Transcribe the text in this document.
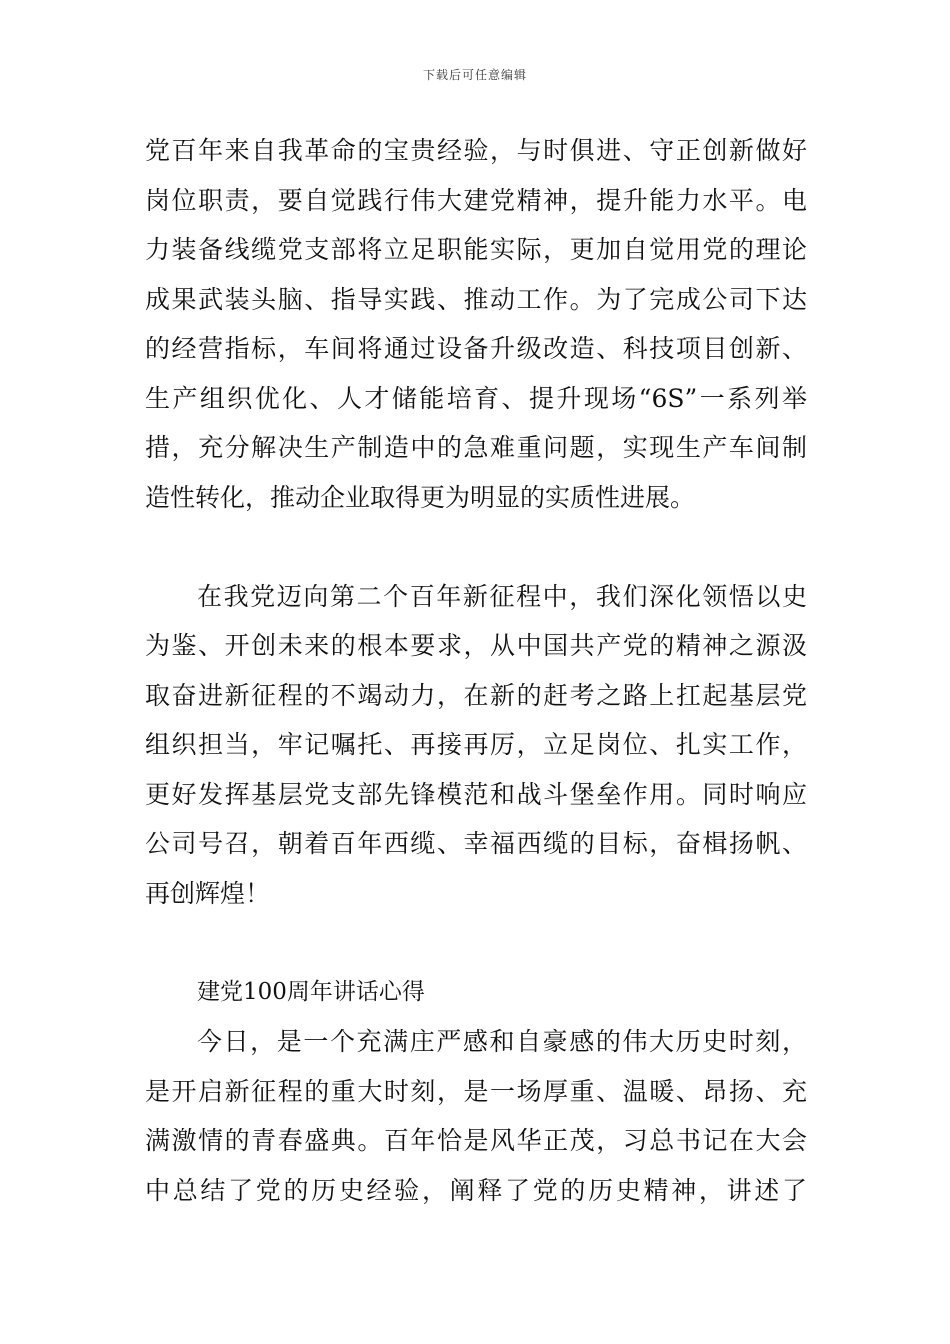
下载后可任意编辑
党百年来自我革命的宝贵经验，与时俱进、守正创新做好
岗位职责，要自觉践行伟大建党精神，提升能力水平。电
力装备线缆党支部将立足职能实际，更加自觉用党的理论
成果武装头脑、指导实践、推动工作。为了完成公司下达
的经营指标，车间将通过设备升级改造、科技项目创新、
生产组织优化、人才储能培育、提升现场“6S”一系列举
措，充分解决生产制造中的急难重问题，实现生产车间制
造性转化，推动企业取得更为明显的实质性进展。
在我党迈向第二个百年新征程中，我们深化领悟以史
为鉴、开创未来的根本要求，从中国共产党的精神之源汲
取奋进新征程的不竭动力，在新的赶考之路上扛起基层党
组织担当，牢记嘱托、再接再厉，立足岗位、扎实工作，
更好发挥基层党支部先锋模范和战斗堡垒作用。同时响应
公司号召，朝着百年西缆、幸福西缆的目标，奋楫扬帆、
再创辉煌！
建党100周年讲话心得
今日，是一个充满庄严感和自豪感的伟大历史时刻，
是开启新征程的重大时刻，是一场厚重、温暖、昂扬、充
满激情的青春盛典。百年恰是风华正茂，习总书记在大会
中总结了党的历史经验，阐释了党的历史精神，讲述了
